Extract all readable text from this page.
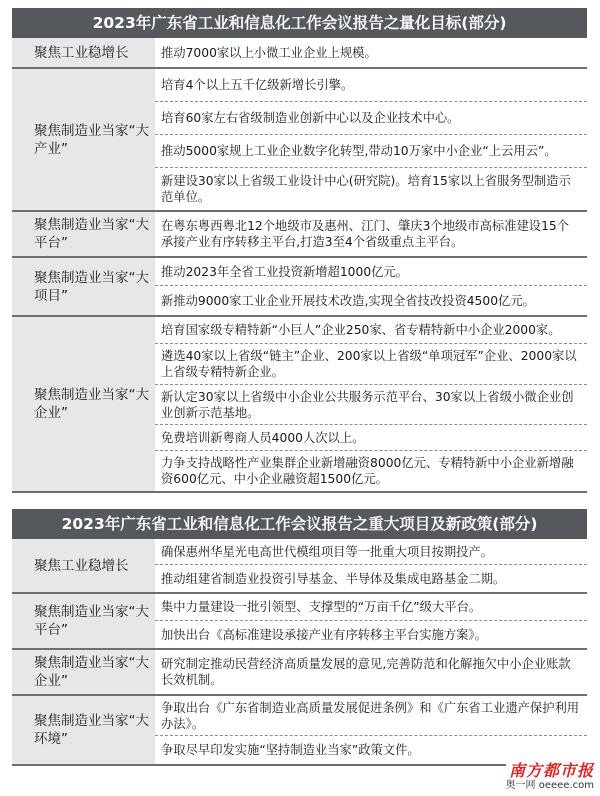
2023年广东省工业和信息化工作会议报告之量化目标(部分)
聚焦工业稳增长	推动7000家以上小微工业企业上规模。

聚焦制造业当家“大产业”	培育4个以上五千亿级新增长引擎。
培育60家左右省级制造业创新中心以及企业技术中心。
推动5000家规上工业企业数字化转型,带动10万家中小企业“上云用云”。
新建设30家以上省级工业设计中心(研究院)。培育15家以上省服务型制造示范单位。

聚焦制造业当家“大平台”	在粤东粤西粤北12个地级市及惠州、江门、肇庆3个地级市高标准建设15个承接产业有序转移主平台,打造3至4个省级重点主平台。

聚焦制造业当家“大项目”	推动2023年全省工业投资新增超1000亿元。
新推动9000家工业企业开展技术改造,实现全省技改投资4500亿元。

聚焦制造业当家“大企业”	培育国家级专精特新“小巨人”企业250家、省专精特新中小企业2000家。
遴选40家以上省级“链主”企业、200家以上省级“单项冠军”企业、2000家以上省级专精特新企业。
新认定30家以上省级中小企业公共服务示范平台、30家以上省级小微企业创业创新示范基地。
免费培训新粤商人员4000人次以上。
力争支持战略性产业集群企业新增融资8000亿元、专精特新中小企业新增融资600亿元、中小企业融资超1500亿元。
2023年广东省工业和信息化工作会议报告之重大项目及新政策(部分)
聚焦工业稳增长	确保惠州华星光电高世代模组项目等一批重大项目按期投产。
推动组建省制造业投资引导基金、半导体及集成电路基金二期。

聚焦制造业当家“大平台”	集中力量建设一批引领型、支撑型的“万亩千亿”级大平台。
加快出台《高标准建设承接产业有序转移主平台实施方案》。

聚焦制造业当家“大企业”	研究制定推动民营经济高质量发展的意见,完善防范和化解拖欠中小企业账款长效机制。

聚焦制造业当家“大环境”	争取出台《广东省制造业高质量发展促进条例》和《广东省工业遗产保护利用办法》。
争取尽早印发实施“坚持制造业当家”政策文件。
南方都市报
奥一网 oeeee.com
